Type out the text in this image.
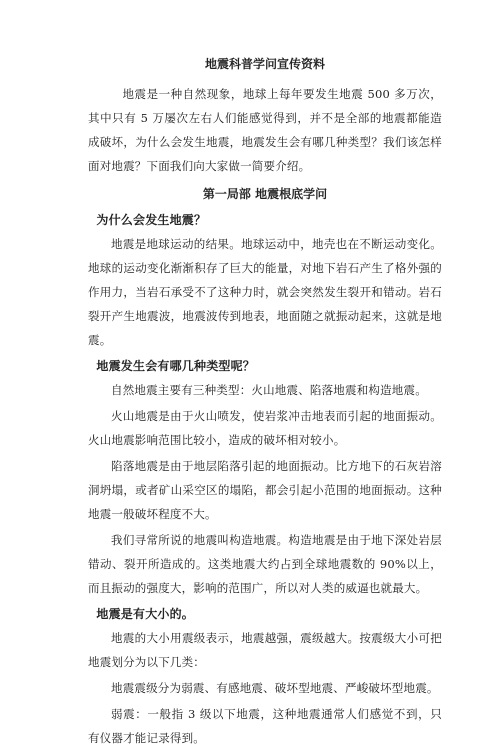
地震科普学问宣传资料

地震是一种自然现象，地球上每年要发生地震 500 多万次，其中只有 5 万屡次左右人们能感觉得到，并不是全部的地震都能造成破坏，为什么会发生地震，地震发生会有哪几种类型？我们该怎样面对地震？下面我们向大家做一简要介绍。

第一局部 地震根底学问

为什么会发生地震？

地震是地球运动的结果。地球运动中，地壳也在不断运动变化。地球的运动变化渐渐积存了巨大的能量，对地下岩石产生了格外强的作用力，当岩石承受不了这种力时，就会突然发生裂开和错动。岩石裂开产生地震波，地震波传到地表，地面随之就振动起来，这就是地震。

地震发生会有哪几种类型呢？

自然地震主要有三种类型：火山地震、陷落地震和构造地震。

火山地震是由于火山喷发，使岩浆冲击地表而引起的地面振动。火山地震影响范围比较小，造成的破坏相对较小。

陷落地震是由于地层陷落引起的地面振动。比方地下的石灰岩溶洞坍塌，或者矿山采空区的塌陷，都会引起小范围的地面振动。这种地震一般破坏程度不大。

我们寻常所说的地震叫构造地震。构造地震是由于地下深处岩层错动、裂开所造成的。这类地震大约占到全球地震数的 90%以上，而且振动的强度大，影响的范围广，所以对人类的威逼也就最大。

地震是有大小的。

地震的大小用震级表示，地震越强，震级越大。按震级大小可把地震划分为以下几类：

地震震级分为弱震、有感地震、破坏型地震、严峻破坏型地震。

弱震：一般指 3 级以下地震，这种地震通常人们感觉不到，只有仪器才能记录得到。
